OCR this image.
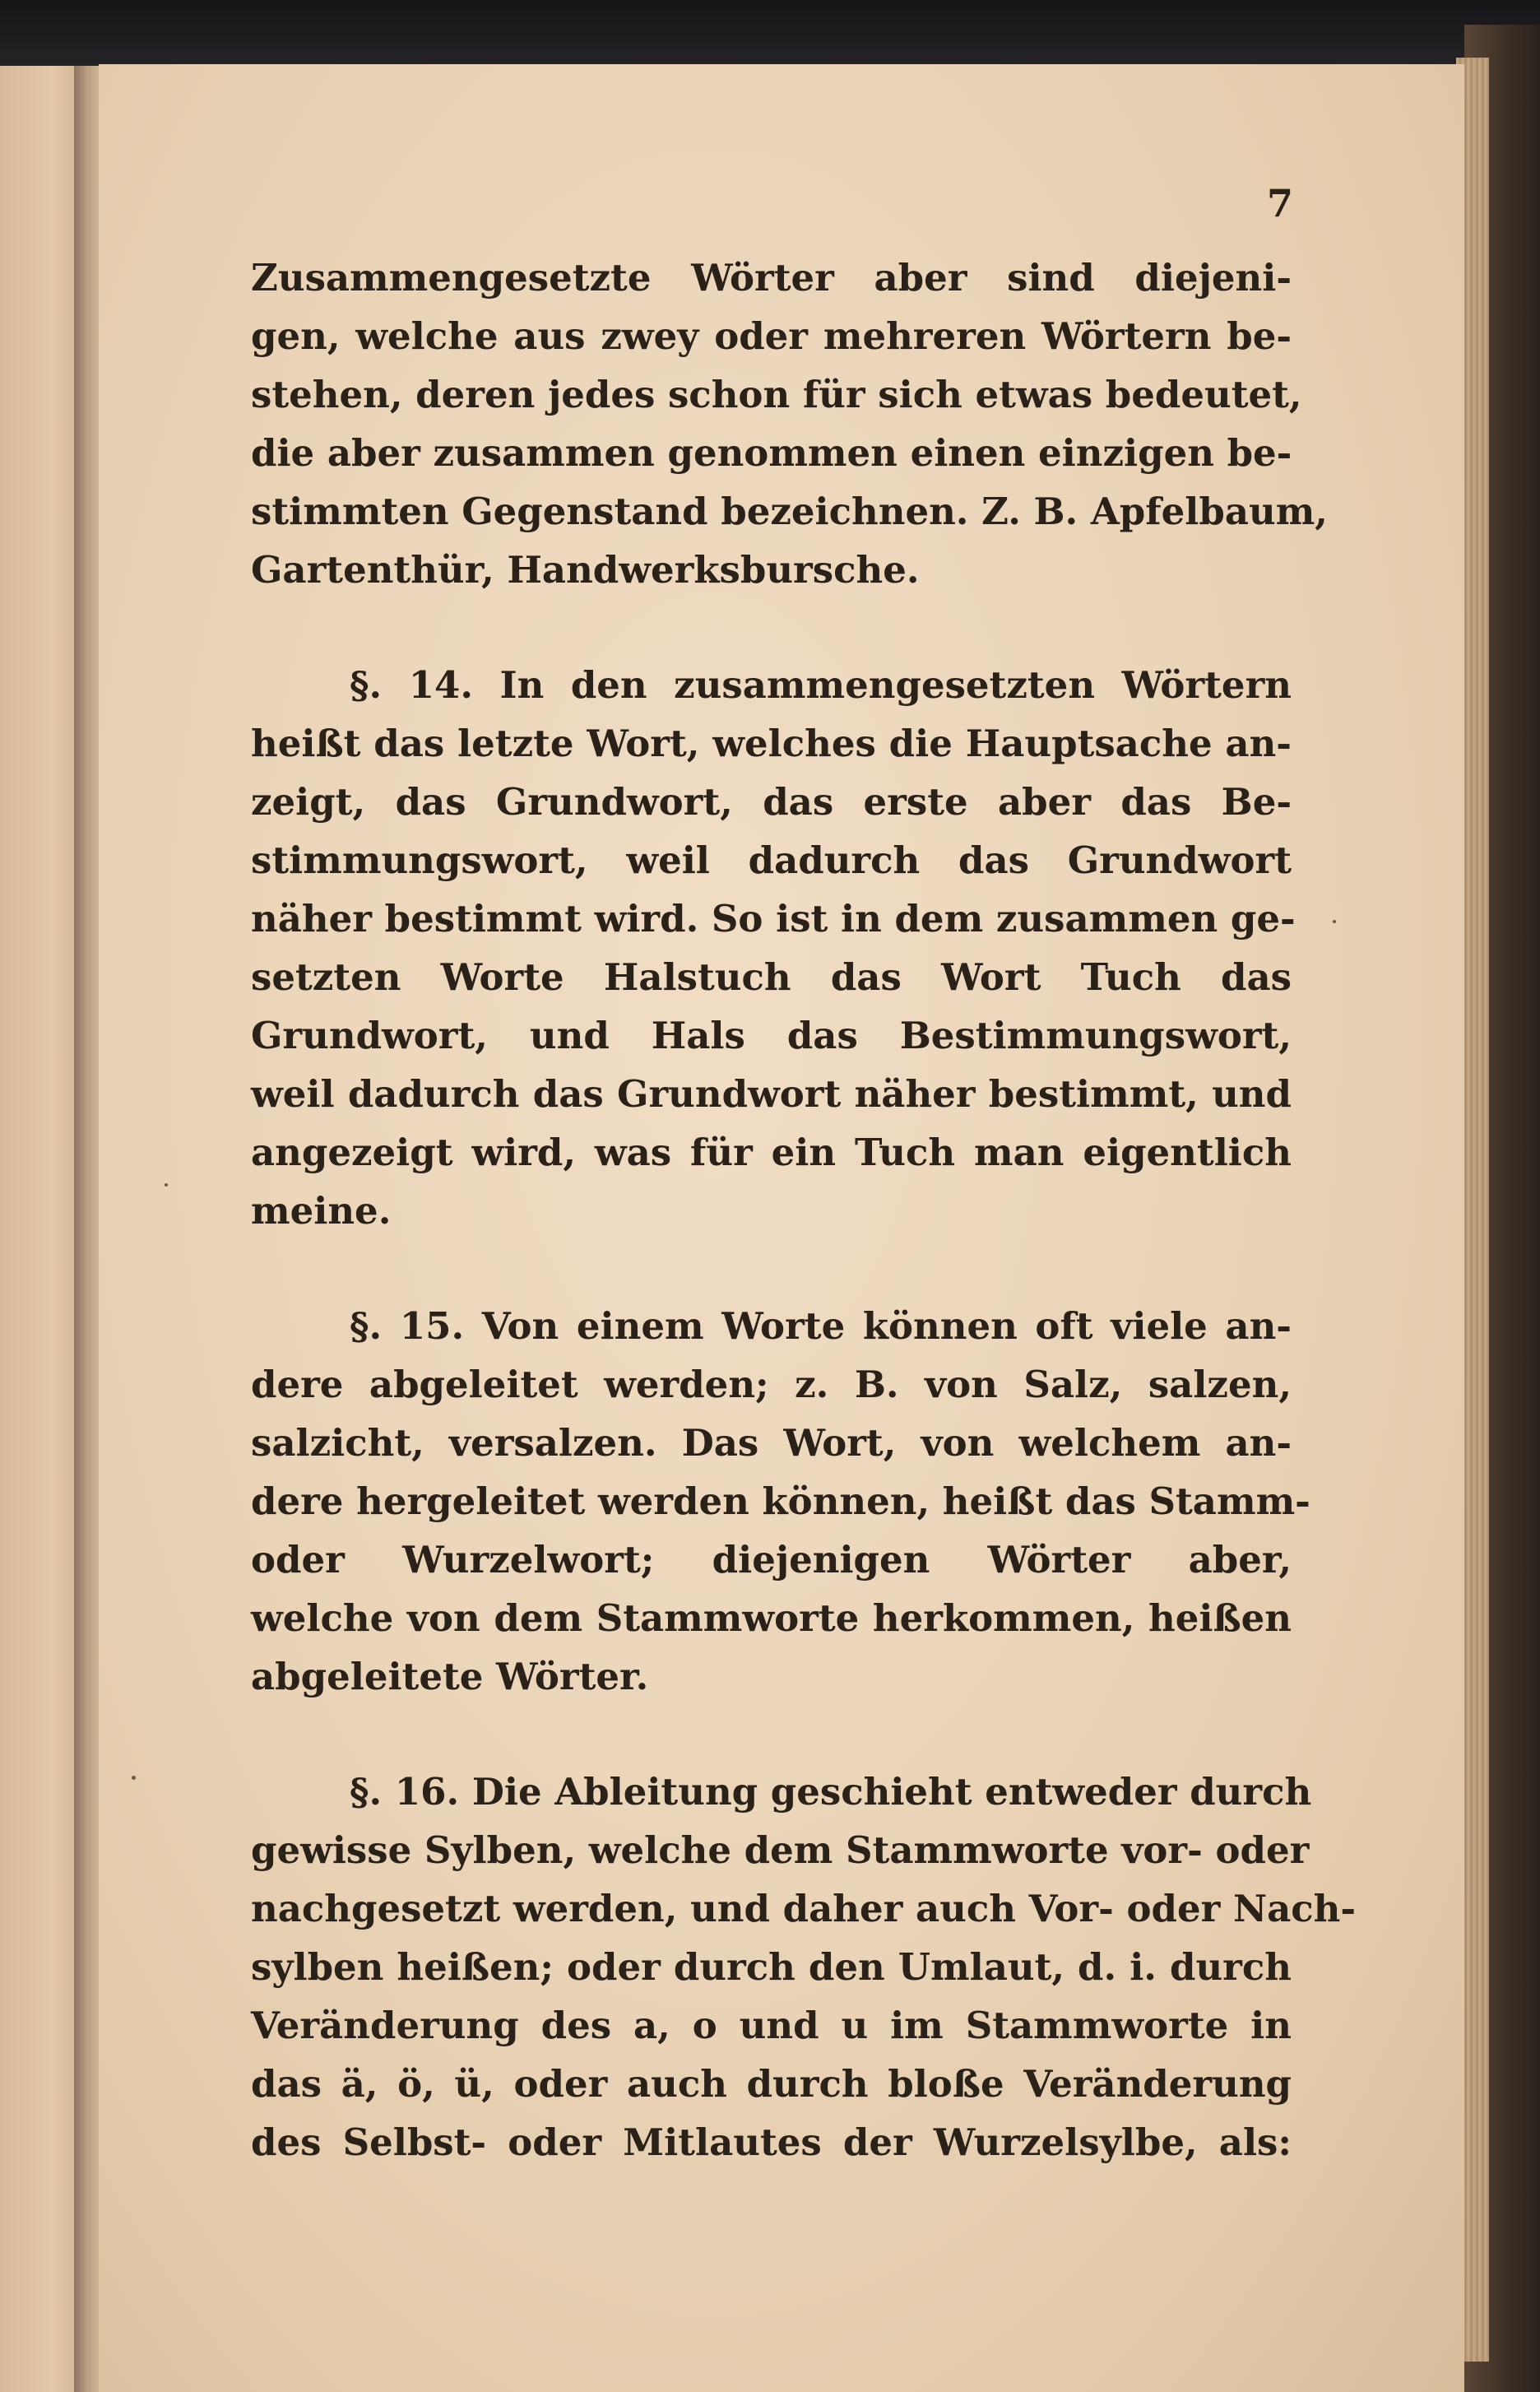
7
Zusammengesetzte Wörter aber sind diejeni-
gen, welche aus zwey oder mehreren Wörtern be-
stehen, deren jedes schon für sich etwas bedeutet,
die aber zusammen genommen einen einzigen be-
stimmten Gegenstand bezeichnen. Z. B. Apfelbaum,
Gartenthür, Handwerksbursche.
§. 14. In den zusammengesetzten Wörtern
heißt das letzte Wort, welches die Hauptsache an-
zeigt, das Grundwort, das erste aber das Be-
stimmungswort, weil dadurch das Grundwort
näher bestimmt wird. So ist in dem zusammen ge-
setzten Worte Halstuch das Wort Tuch das
Grundwort, und Hals das Bestimmungswort,
weil dadurch das Grundwort näher bestimmt, und
angezeigt wird, was für ein Tuch man eigentlich
meine.
§. 15. Von einem Worte können oft viele an-
dere abgeleitet werden; z. B. von Salz, salzen,
salzicht, versalzen. Das Wort, von welchem an-
dere hergeleitet werden können, heißt das Stamm-
oder Wurzelwort; diejenigen Wörter aber,
welche von dem Stammworte herkommen, heißen
abgeleitete Wörter.
§. 16. Die Ableitung geschieht entweder durch
gewisse Sylben, welche dem Stammworte vor- oder
nachgesetzt werden, und daher auch Vor- oder Nach-
sylben heißen; oder durch den Umlaut, d. i. durch
Veränderung des a, o und u im Stammworte in
das ä, ö, ü, oder auch durch bloße Veränderung
des Selbst- oder Mitlautes der Wurzelsylbe, als:
